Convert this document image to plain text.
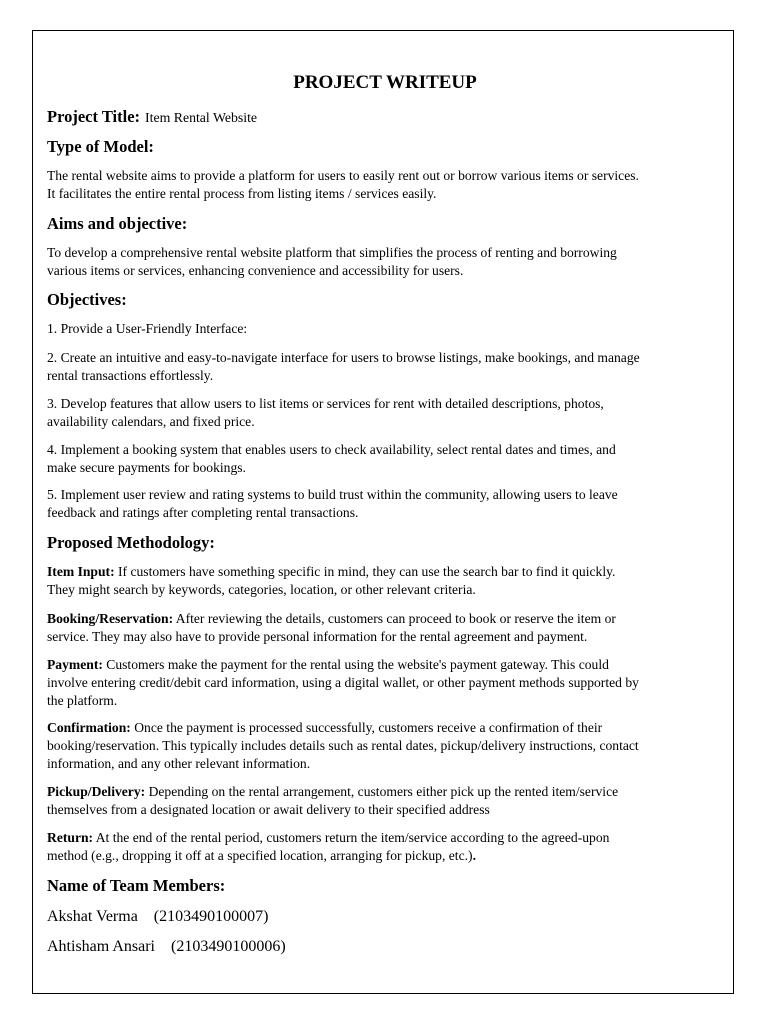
PROJECT WRITEUP
Project Title: Item Rental Website
Type of Model:
The rental website aims to provide a platform for users to easily rent out or borrow various items or services.
It facilitates the entire rental process from listing items / services easily.
Aims and objective:
To develop a comprehensive rental website platform that simplifies the process of renting and borrowing
various items or services, enhancing convenience and accessibility for users.
Objectives:
1. Provide a User-Friendly Interface:
2. Create an intuitive and easy-to-navigate interface for users to browse listings, make bookings, and manage
rental transactions effortlessly.
3. Develop features that allow users to list items or services for rent with detailed descriptions, photos,
availability calendars, and fixed price.
4. Implement a booking system that enables users to check availability, select rental dates and times, and
make secure payments for bookings.
5. Implement user review and rating systems to build trust within the community, allowing users to leave
feedback and ratings after completing rental transactions.
Proposed Methodology:
Item Input: If customers have something specific in mind, they can use the search bar to find it quickly.
They might search by keywords, categories, location, or other relevant criteria.
Booking/Reservation: After reviewing the details, customers can proceed to book or reserve the item or
service. They may also have to provide personal information for the rental agreement and payment.
Payment: Customers make the payment for the rental using the website's payment gateway. This could
involve entering credit/debit card information, using a digital wallet, or other payment methods supported by
the platform.
Confirmation: Once the payment is processed successfully, customers receive a confirmation of their
booking/reservation. This typically includes details such as rental dates, pickup/delivery instructions, contact
information, and any other relevant information.
Pickup/Delivery: Depending on the rental arrangement, customers either pick up the rented item/service
themselves from a designated location or await delivery to their specified address
Return: At the end of the rental period, customers return the item/service according to the agreed-upon
method (e.g., dropping it off at a specified location, arranging for pickup, etc.).
Name of Team Members:
Akshat Verma (2103490100007)
Ahtisham Ansari (2103490100006)
